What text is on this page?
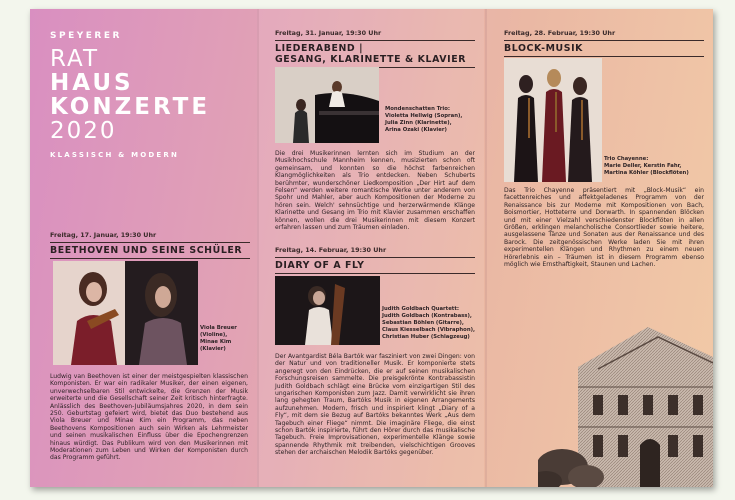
SPEYERER
RAT
HAUS
KONZERTE
2020
KLASSISCH & MODERN
Freitag, 17. Januar, 19:30 Uhr
BEETHOVEN UND SEINE SCHÜLER
Viola Breuer
(Violine),
Minae Kim
(Klavier)
Ludwig van Beethoven ist einer der meistgespielten klassischen Komponisten. Er war ein radikaler Musiker, der einen eigenen, unverwechselbaren Stil entwickelte, die Grenzen der Musik erweiterte und die Gesellschaft seiner Zeit kritisch hinterfragte. Anlässlich des Beethoven-Jubiläumsjahres 2020, in dem sein 250. Geburtstag gefeiert wird, bietet das Duo bestehend aus Viola Breuer und Minae Kim ein Programm, das neben Beethovens Kompositionen auch sein Wirken als Lehrmeister und seinen musikalischen Einfluss über die Epochengrenzen hinaus würdigt. Das Publikum wird von den Musikerinnen mit Moderationen zum Leben und Wirken der Komponisten durch das Programm geführt.
Freitag, 31. Januar, 19:30 Uhr
LIEDERABEND |
GESANG, KLARINETTE & KLAVIER
Mondenschatten Trio:
Violetta Hellwig (Sopran),
Julia Zinn (Klarinette),
Arina Ozaki (Klavier)
Die drei Musikerinnen lernten sich im Studium an der Musikhochschule Mannheim kennen, musizierten schon oft gemeinsam, und konnten so die höchst farbenreichen Klangmöglichkeiten als Trio entdecken. Neben Schuberts berühmter, wunderschöner Liedkomposition „Der Hirt auf dem Felsen“ werden weitere romantische Werke unter anderem von Spohr und Mahler, aber auch Kompositionen der Moderne zu hören sein. Welch' sehnsüchtige und herzerwärmende Klänge Klarinette und Gesang im Trio mit Klavier zusammen erschaffen können, wollen die drei Musikerinnen mit diesem Konzert erfahren lassen und zum Träumen einladen.
Freitag, 14. Februar, 19:30 Uhr
DIARY OF A FLY
Judith Goldbach Quartett:
Judith Goldbach (Kontrabass),
Sebastian Böhlen (Gitarre),
Claus Kiesselbach (Vibraphon),
Christian Huber (Schlagzeug)
Der Avantgardist Béla Bartók war fasziniert von zwei Dingen: von der Natur und von traditioneller Musik. Er komponierte stets angeregt von den Eindrücken, die er auf seinen musikalischen Forschungsreisen sammelte. Die preisgekrönte Kontrabassistin Judith Goldbach schlägt eine Brücke vom einzigartigen Stil des ungarischen Komponisten zum Jazz. Damit verwirklicht sie ihren lang gehegten Traum, Bartóks Musik in eigenen Arrangements aufzunehmen. Modern, frisch und inspiriert klingt „Diary of a Fly“, mit dem sie Bezug auf Bartóks bekanntes Werk „Aus dem Tagebuch einer Fliege“ nimmt. Die imaginäre Fliege, die einst schon Bartók inspirierte, führt den Hörer durch das musikalische Tagebuch. Freie Improvisationen, experimentelle Klänge sowie spannende Rhythmik mit treibenden, vielschichtigen Grooves stehen der archaischen Melodik Bartóks gegenüber.
Freitag, 28. Februar, 19:30 Uhr
BLOCK-MUSIK
Trio Chayenne:
Marie Deller, Kerstin Fahr,
Martina Köhler (Blockflöten)
Das Trio Chayenne präsentiert mit „Block-Musik“ ein facettenreiches und affektgeladenes Programm von der Renaissance bis zur Moderne mit Kompositionen von Bach, Boismortier, Hotteterre und Dorwarth. In spannenden Blöcken und mit einer Vielzahl verschiedenster Blockflöten in allen Größen, erklingen melancholische Consortlieder sowie heitere, ausgelassene Tänze und Sonaten aus der Renaissance und des Barock. Die zeitgenössischen Werke laden Sie mit ihren experimentellen Klängen und Rhythmen zu einem neuen Hörerlebnis ein – Träumen ist in diesem Programm ebenso möglich wie Ernsthaftigkeit, Staunen und Lachen.
